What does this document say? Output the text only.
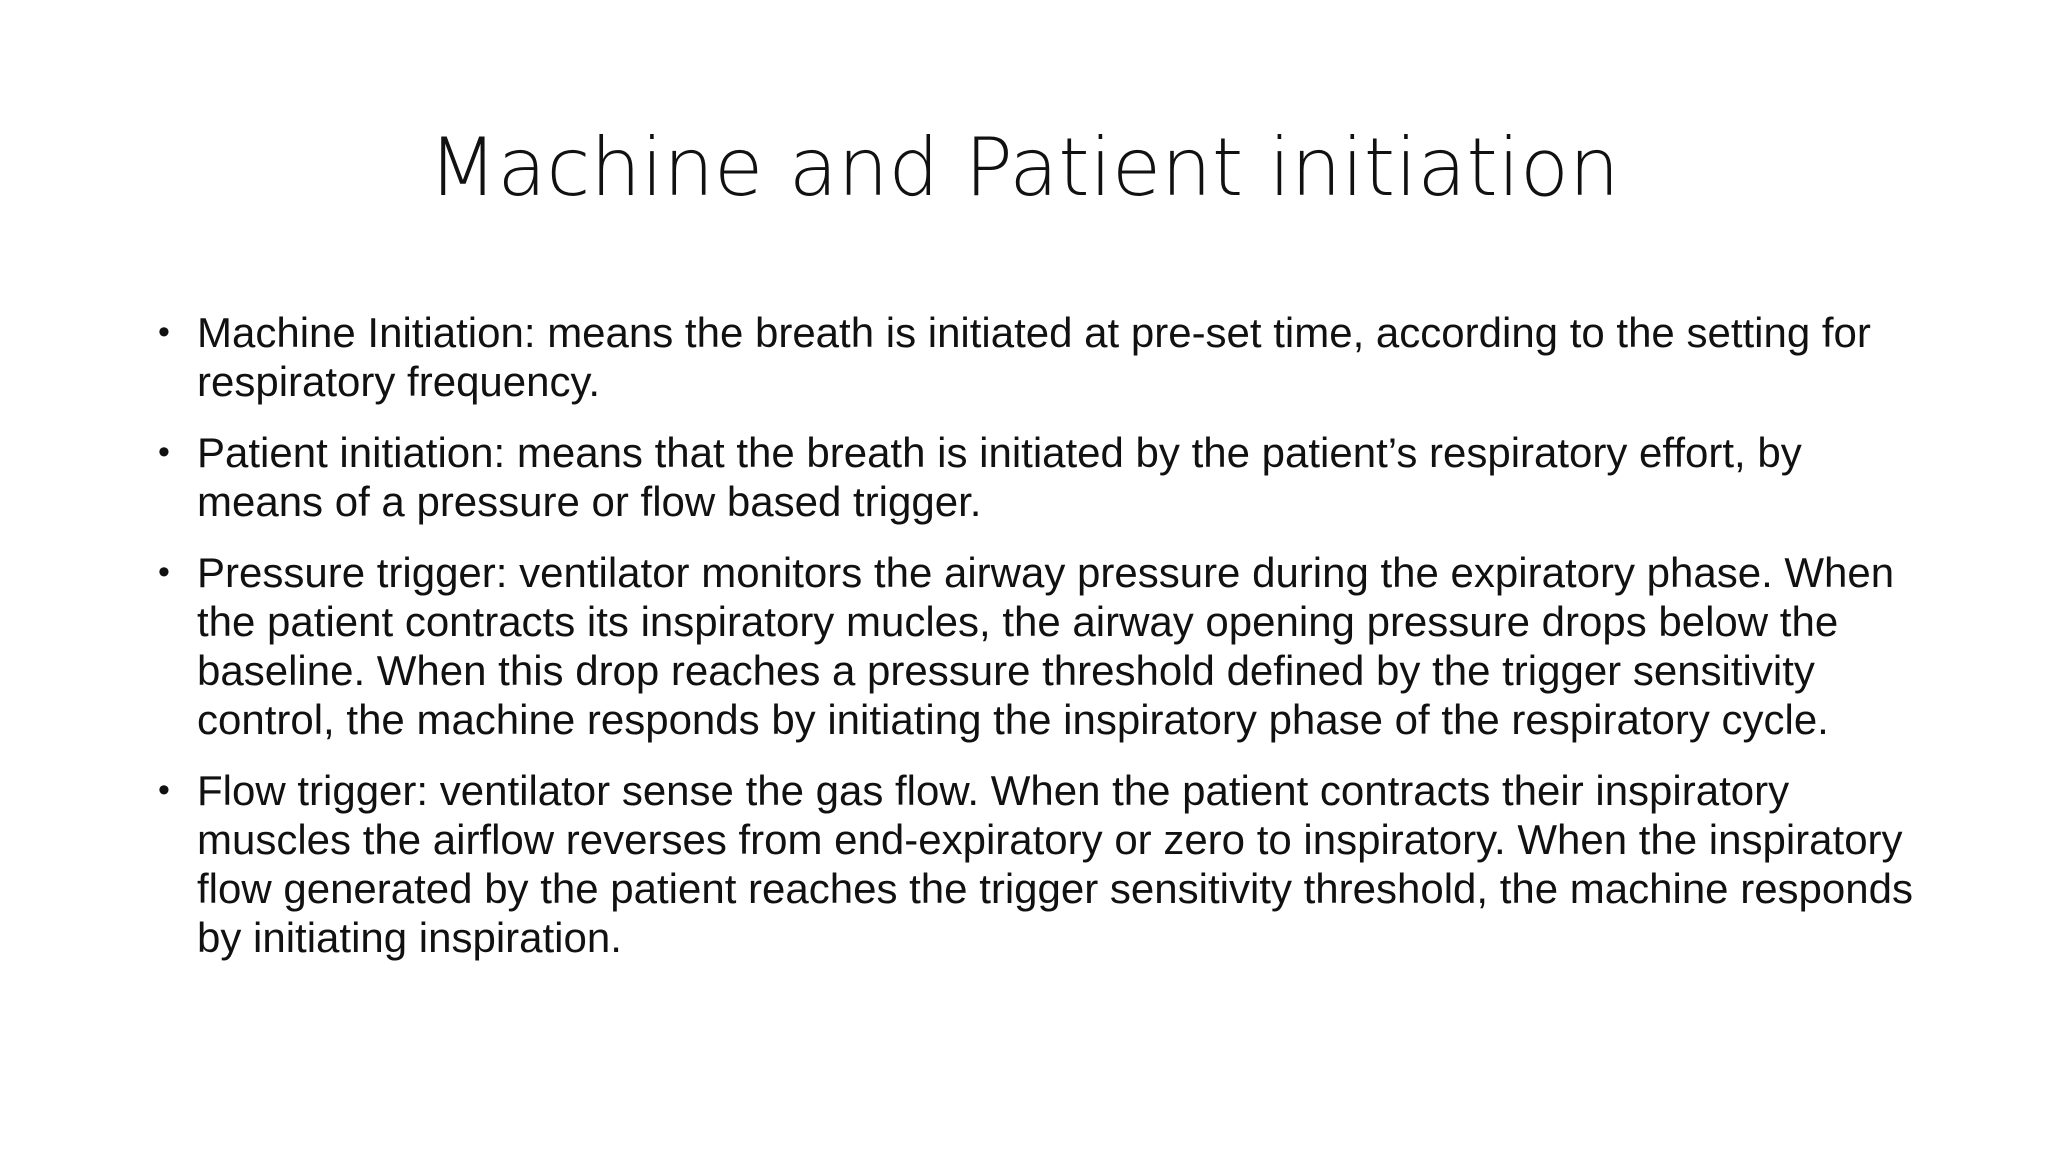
Machine and Patient initiation
• Machine Initiation: means the breath is initiated at pre-set time, according to the setting for respiratory frequency.
• Patient initiation: means that the breath is initiated by the patient’s respiratory effort, by means of a pressure or flow based trigger.
• Pressure trigger: ventilator monitors the airway pressure during the expiratory phase. When the patient contracts its inspiratory mucles, the airway opening pressure drops below the baseline. When this drop reaches a pressure threshold defined by the trigger sensitivity control, the machine responds by initiating the inspiratory phase of the respiratory cycle.
• Flow trigger: ventilator sense the gas flow. When the patient contracts their inspiratory muscles the airflow reverses from end-expiratory or zero to inspiratory. When the inspiratory flow generated by the patient reaches the trigger sensitivity threshold, the machine responds by initiating inspiration.
